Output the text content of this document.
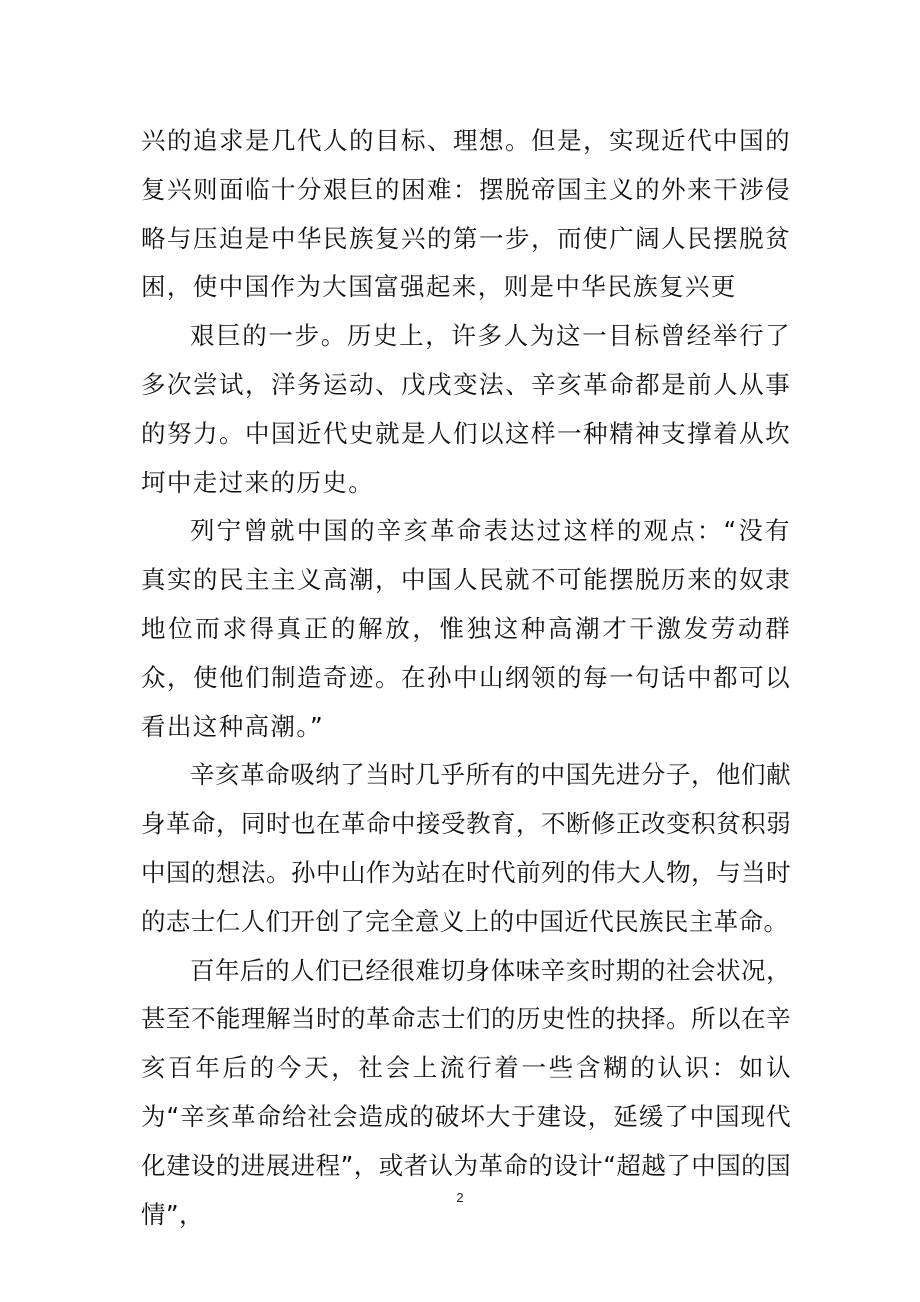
兴的追求是几代人的目标、理想。但是，实现近代中国的复兴则面临十分艰巨的困难：摆脱帝国主义的外来干涉侵略与压迫是中华民族复兴的第一步，而使广阔人民摆脱贫困，使中国作为大国富强起来，则是中华民族复兴更

艰巨的一步。历史上，许多人为这一目标曾经举行了多次尝试，洋务运动、戊戌变法、辛亥革命都是前人从事的努力。中国近代史就是人们以这样一种精神支撑着从坎坷中走过来的历史。

列宁曾就中国的辛亥革命表达过这样的观点：“没有真实的民主主义高潮，中国人民就不可能摆脱历来的奴隶地位而求得真正的解放，惟独这种高潮才干激发劳动群众，使他们制造奇迹。在孙中山纲领的每一句话中都可以看出这种高潮。”

辛亥革命吸纳了当时几乎所有的中国先进分子，他们献身革命，同时也在革命中接受教育，不断修正改变积贫积弱中国的想法。孙中山作为站在时代前列的伟大人物，与当时的志士仁人们开创了完全意义上的中国近代民族民主革命。

百年后的人们已经很难切身体味辛亥时期的社会状况，甚至不能理解当时的革命志士们的历史性的抉择。所以在辛亥百年后的今天，社会上流行着一些含糊的认识：如认为“辛亥革命给社会造成的破坏大于建设，延缓了中国现代化建设的进展进程”，或者认为革命的设计“超越了中国的国情”，

2
